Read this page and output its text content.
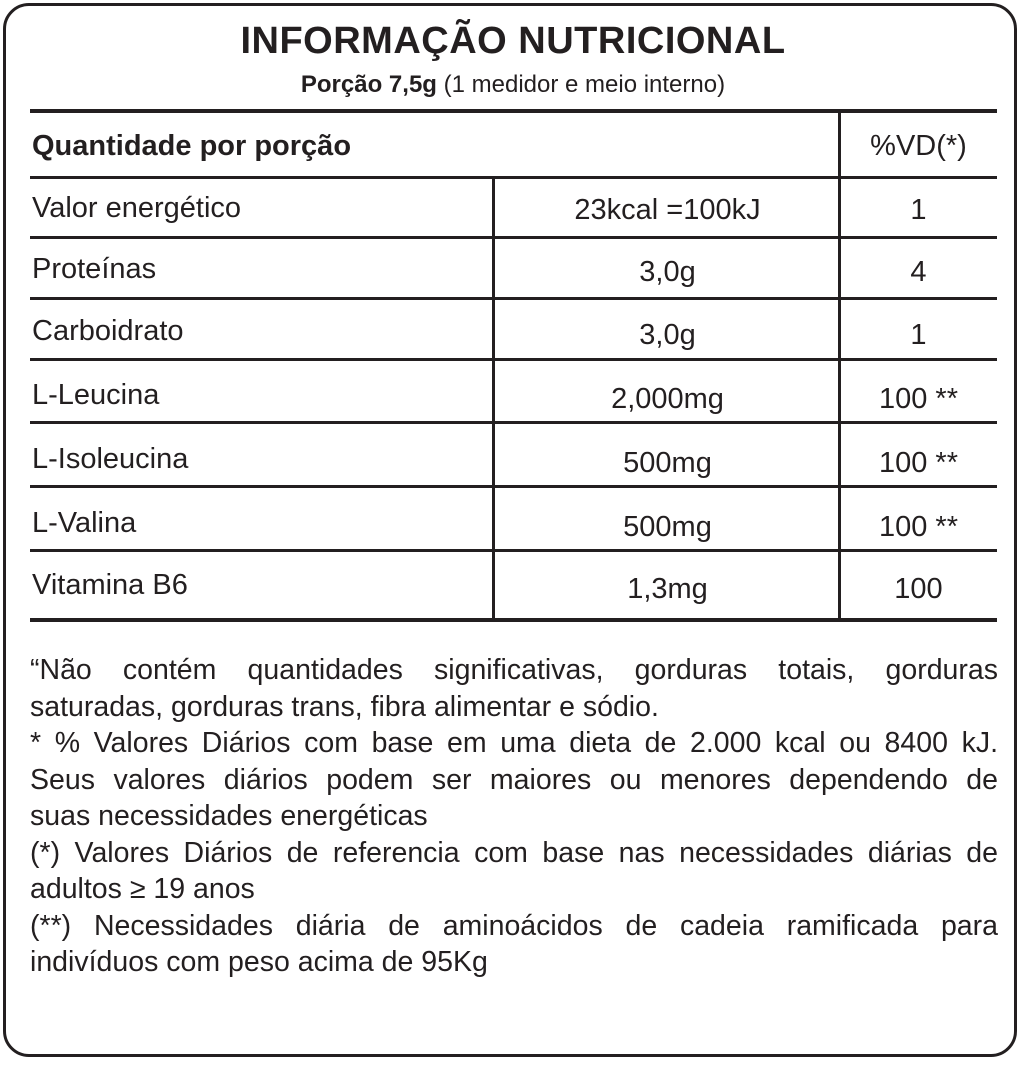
INFORMAÇÃO NUTRICIONAL
Porção 7,5g (1 medidor e meio interno)
Quantidade por porção	%VD(*)
Valor energético	23kcal =100kJ	1
Proteínas	3,0g	4
Carboidrato	3,0g	1
L-Leucina	2,000mg	100 **
L-Isoleucina	500mg	100 **
L-Valina	500mg	100 **
Vitamina B6	1,3mg	100

“Não contém quantidades significativas, gorduras totais, gorduras

saturadas, gorduras trans, fibra alimentar e sódio.

* % Valores Diários com base em uma dieta de 2.000 kcal ou 8400 kJ.

Seus valores diários podem ser maiores ou menores dependendo de

suas necessidades energéticas

(*) Valores Diários de referencia com base nas necessidades diárias de

adultos ≥ 19 anos

(**) Necessidades diária de aminoácidos de cadeia ramificada para

indivíduos com peso acima de 95Kg
